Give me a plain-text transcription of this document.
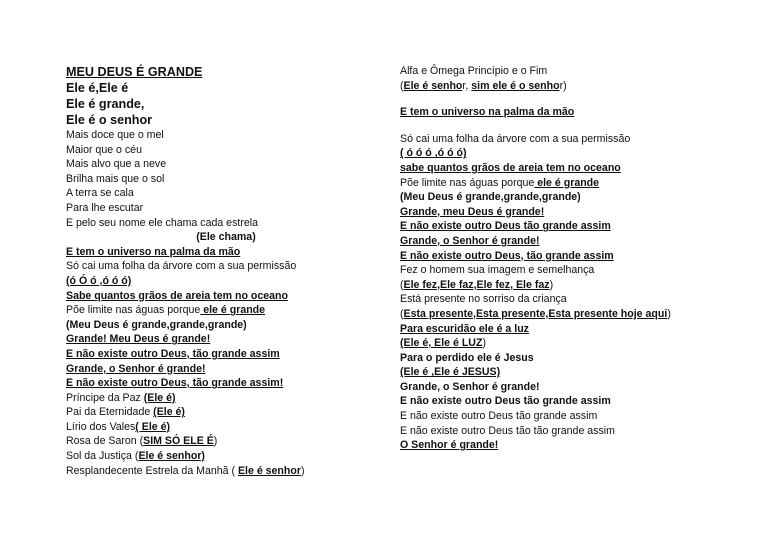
MEU DEUS É GRANDE
Ele é,Ele é
Ele é grande,
Ele é o senhor
Mais doce que o mel
Maior que o céu
Mais alvo que a neve
Brilha mais que o sol
A terra se cala
Para lhe escutar
E pelo seu nome ele chama cada estrela
(Ele chama)
E tem o universo na palma da mão
Só cai uma folha da árvore com a sua permissão
(ó Ó ó ,ó ó ó)
Sabe quantos grãos de areia tem no oceano
Põe limite nas águas porque ele é grande
(Meu Deus é grande,grande,grande)
Grande! Meu Deus é grande!
E não existe outro Deus, tão grande assim
Grande, o Senhor é grande!
E não existe outro Deus, tão grande assim!
Príncipe da Paz (Ele é)
Pai da Eternidade (Ele é)
Lírio dos Vales( Ele é)
Rosa de Saron (SIM SÓ ELE É)
Sol da Justiça (Ele é senhor)
Resplandecente Estrela da Manhã ( Ele é senhor)
Alfa e Ômega Princípio e o Fim
(Ele é senhor, sim ele é o senhor)
E tem o universo na palma da mão
Só cai uma folha da árvore com a sua permissão
( ó ó ó ,ó ó ó)
sabe quantos grãos de areia tem no oceano
Põe limite nas águas porque ele é grande
(Meu Deus é grande,grande,grande)
Grande, meu Deus é grande!
E não existe outro Deus tão grande assim
Grande, o Senhor é grande!
E não existe outro Deus, tão grande assim
Fez o homem sua imagem e semelhança
(Ele fez,Ele faz,Ele fez, Ele faz)
Está presente no sorriso da criança
(Esta presente,Esta presente,Esta presente hoje aqui)
Para escuridão ele é a luz
(Ele é, Ele é LUZ)
Para o perdido ele é Jesus
(Ele é ,Ele é JESUS)
Grande, o Senhor é grande!
E não existe outro Deus tão grande assim
E não existe outro Deus tão grande assim
E não existe outro Deus tão tão grande assim
O Senhor é grande!
